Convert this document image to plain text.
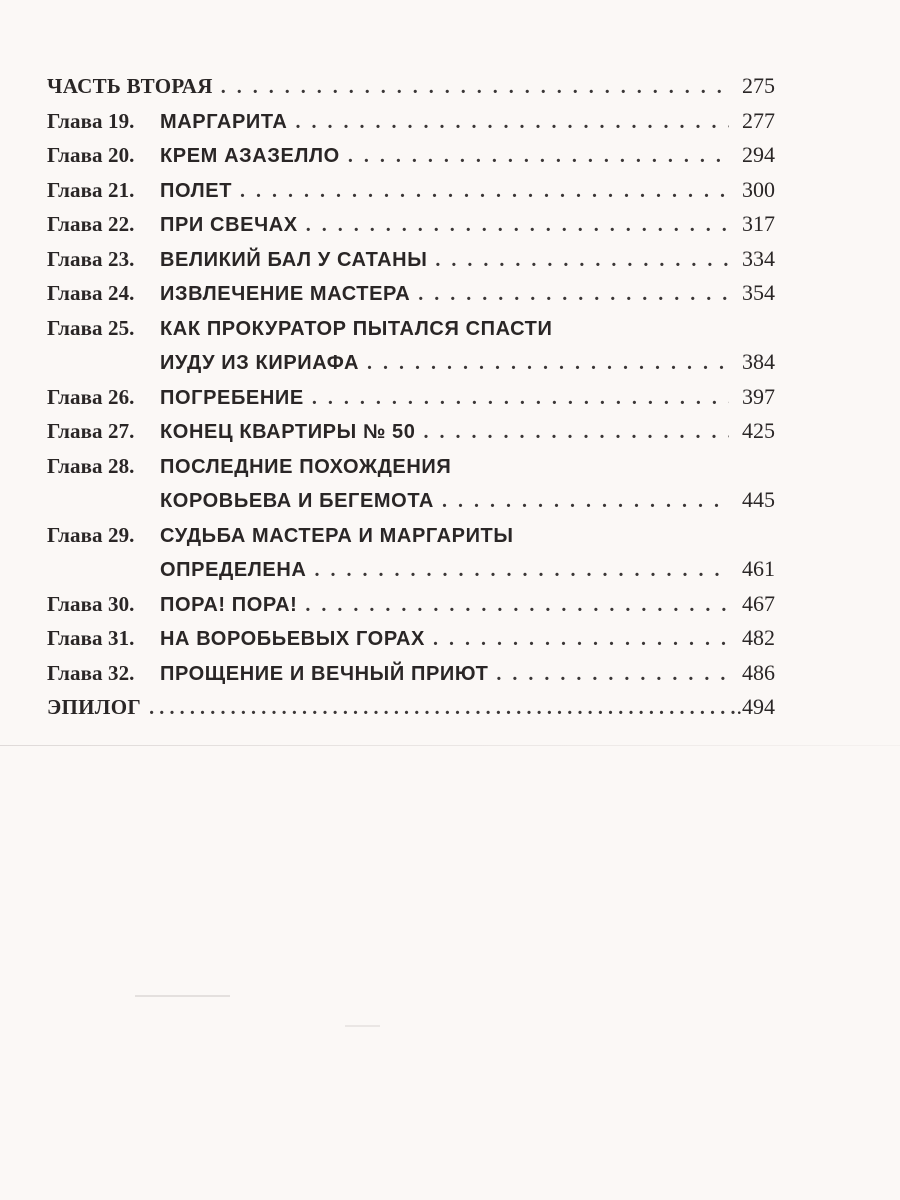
ЧАСТЬ ВТОРАЯ . . .	275
Глава 19.	МАРГАРИТА . . .	277
Глава 20.	КРЕМ АЗАЗЕЛЛО . . .	294
Глава 21.	ПОЛЕТ . . .	300
Глава 22.	ПРИ СВЕЧАХ . . .	317
Глава 23.	ВЕЛИКИЙ БАЛ У САТАНЫ . . .	334
Глава 24.	ИЗВЛЕЧЕНИЕ МАСТЕРА . . .	354
Глава 25.	КАК ПРОКУРАТОР ПЫТАЛСЯ СПАСТИ
ИУДУ ИЗ КИРИАФА . . .	384
Глава 26.	ПОГРЕБЕНИЕ . . .	397
Глава 27.	КОНЕЦ КВАРТИРЫ № 50 . . .	425
Глава 28.	ПОСЛЕДНИЕ ПОХОЖДЕНИЯ
КОРОВЬЕВА И БЕГЕМОТА . . .	445
Глава 29.	СУДЬБА МАСТЕРА И МАРГАРИТЫ
ОПРЕДЕЛЕНА . . .	461
Глава 30.	ПОРА! ПОРА! . . .	467
Глава 31.	НА ВОРОБЬЕВЫХ ГОРАХ . . .	482
Глава 32.	ПРОЩЕНИЕ И ВЕЧНЫЙ ПРИЮТ . . .	486
ЭПИЛОГ .....	.494
